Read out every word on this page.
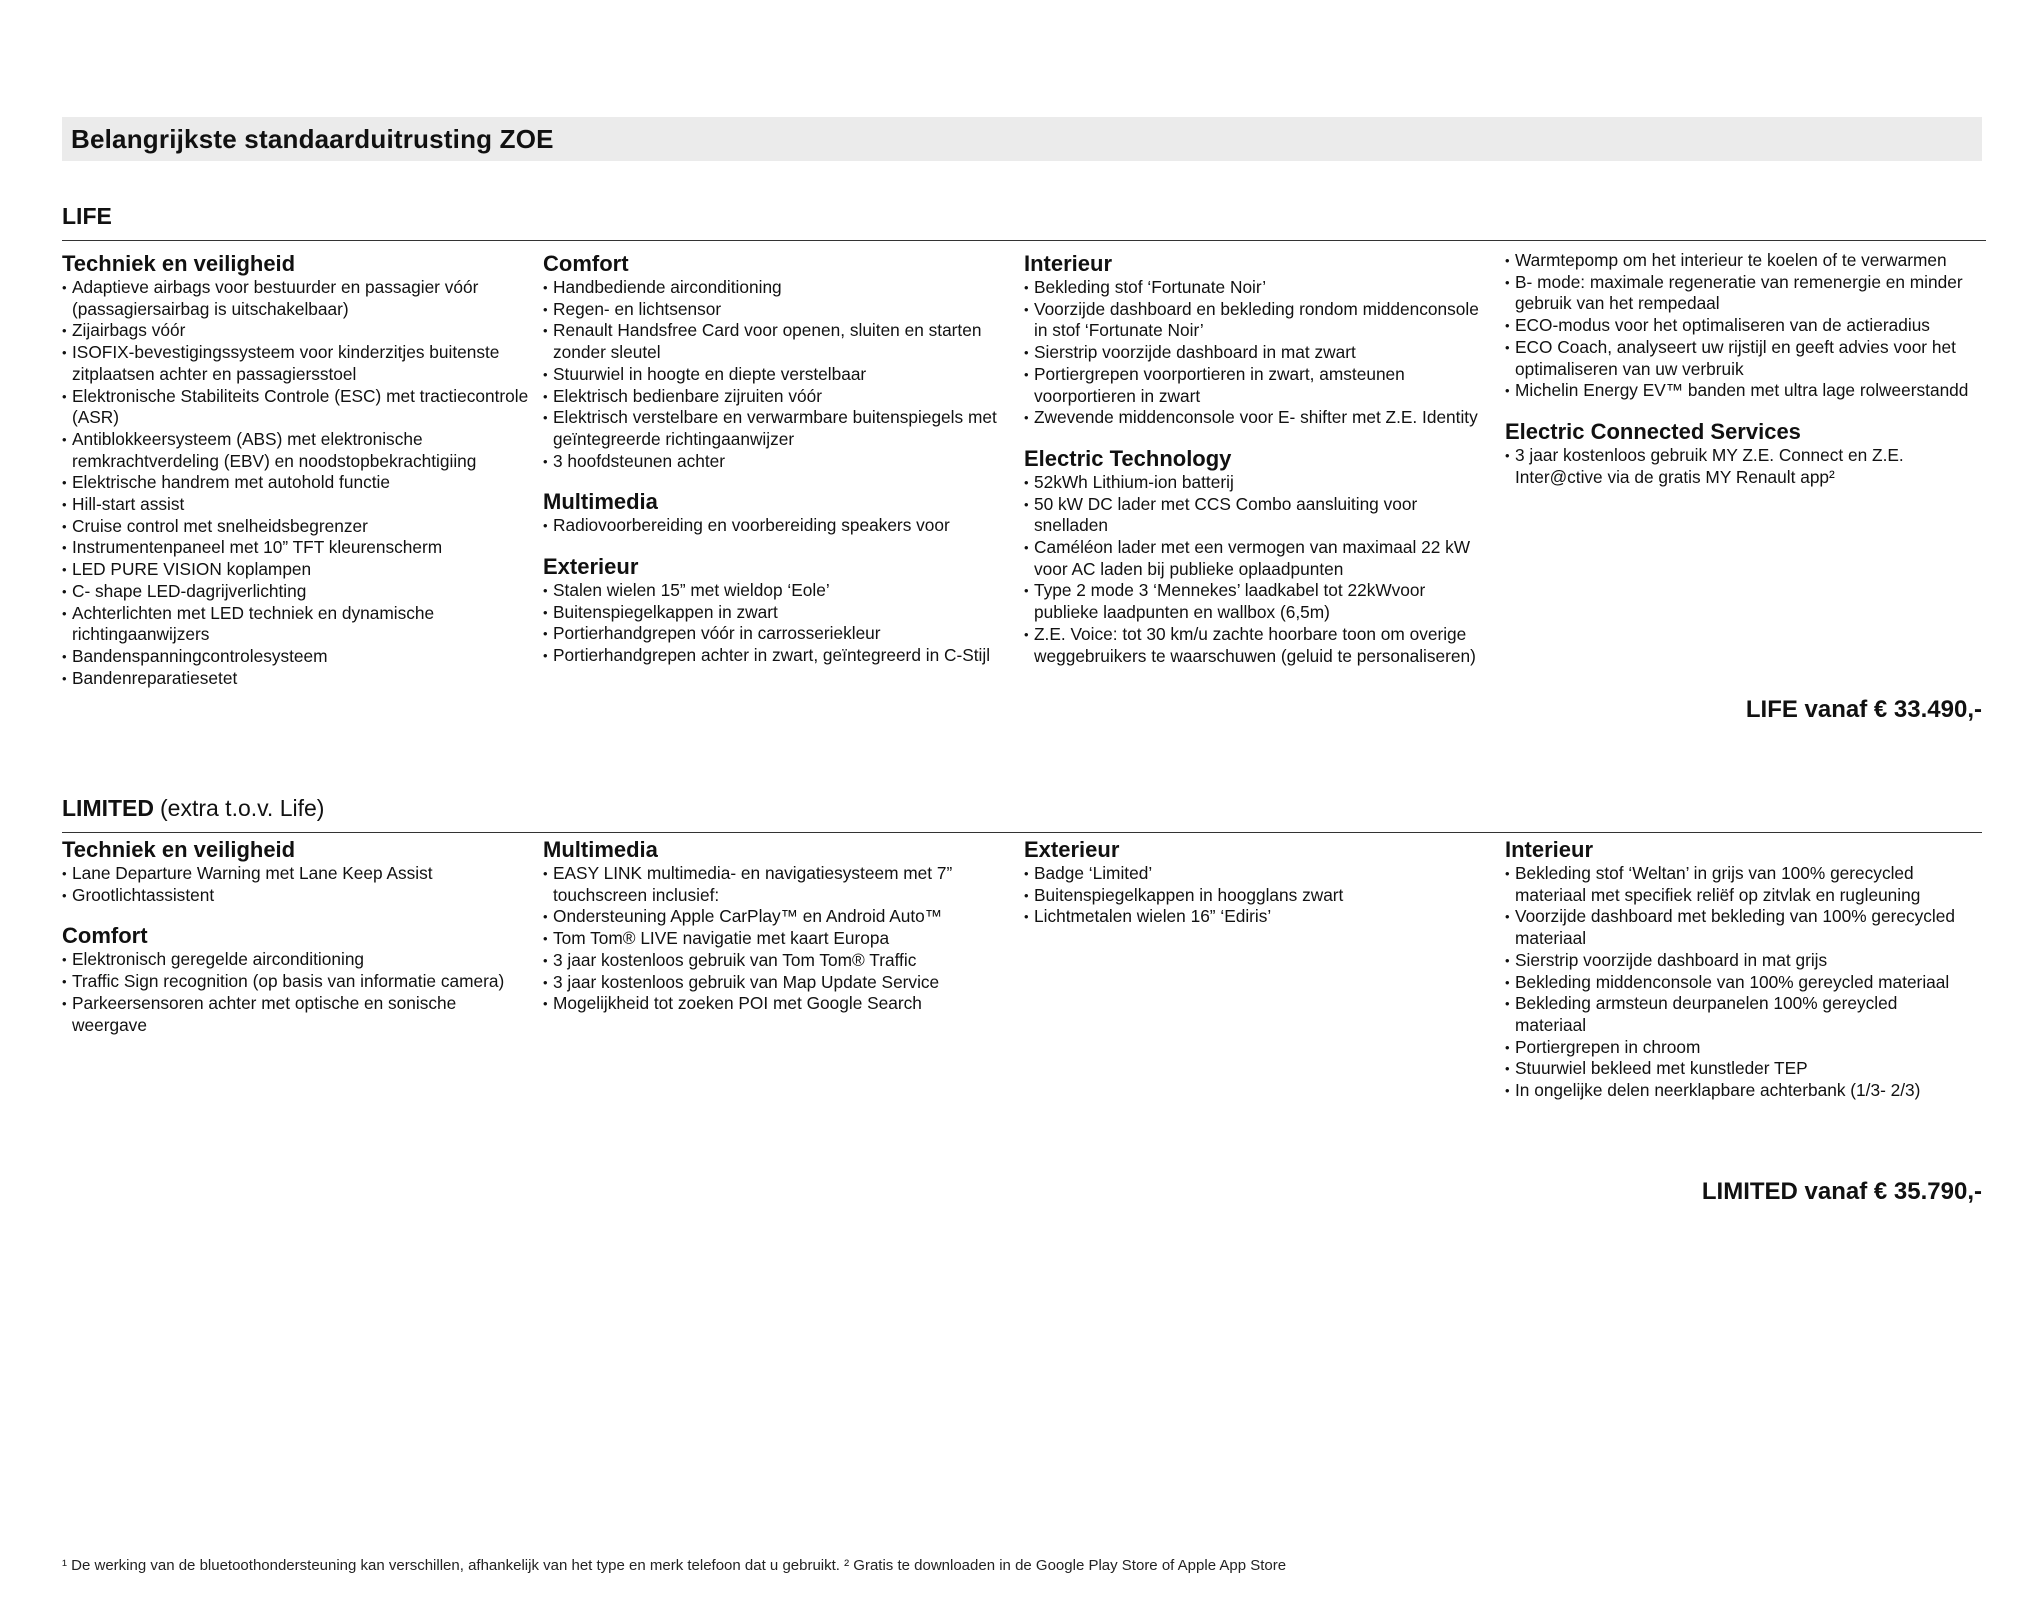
Belangrijkste standaarduitrusting ZOE
LIFE
Techniek en veiligheid
• Adaptieve airbags voor bestuurder en passagier vóór (passagiersairbag is uitschakelbaar)
• Zijairbags vóór
• ISOFIX-bevestigingssysteem voor kinderzitjes buitenste zitplaatsen achter en passagiersstoel
• Elektronische Stabiliteits Controle (ESC) met tractiecontrole (ASR)
• Antiblokkeersysteem (ABS) met elektronische remkrachtverdeling (EBV) en noodstopbekrachtigiing
• Elektrische handrem met autohold functie
• Hill-start assist
• Cruise control met snelheidsbegrenzer
• Instrumentenpaneel met 10” TFT kleurenscherm
• LED PURE VISION koplampen
• C- shape LED-dagrijverlichting
• Achterlichten met LED techniek en dynamische richtingaanwijzers
• Bandenspanningcontrolesysteem
• Bandenreparatiesetet
Comfort
• Handbediende airconditioning
• Regen- en lichtsensor
• Renault Handsfree Card voor openen, sluiten en starten zonder sleutel
• Stuurwiel in hoogte en diepte verstelbaar
• Elektrisch bedienbare zijruiten vóór
• Elektrisch verstelbare en verwarmbare buitenspiegels met geïntegreerde richtingaanwijzer
• 3 hoofdsteunen achter
Multimedia
• Radiovoorbereiding en voorbereiding speakers voor
Exterieur
• Stalen wielen 15” met wieldop ‘Eole’
• Buitenspiegelkappen in zwart
• Portierhandgrepen vóór in carrosseriekleur
• Portierhandgrepen achter in zwart, geïntegreerd in C-Stijl
Interieur
• Bekleding stof ‘Fortunate Noir’
• Voorzijde dashboard en bekleding rondom middenconsole in stof ‘Fortunate Noir’
• Sierstrip voorzijde dashboard in mat zwart
• Portiergrepen voorportieren in zwart, amsteunen voorportieren in zwart
• Zwevende middenconsole voor E- shifter met Z.E. Identity
Electric Technology
• 52kWh Lithium-ion batterij
• 50 kW DC lader met CCS Combo aansluiting voor snelladen
• Caméléon lader met een vermogen van maximaal 22 kW voor AC laden bij publieke oplaadpunten
• Type 2 mode 3 ‘Mennekes’ laadkabel tot 22kWvoor publieke laadpunten en wallbox (6,5m)
• Z.E. Voice: tot 30 km/u zachte hoorbare toon om overige weggebruikers te waarschuwen (geluid te personaliseren)
• Warmtepomp om het interieur te koelen of te verwarmen
• B- mode: maximale regeneratie van remenergie en minder gebruik van het rempedaal
• ECO-modus voor het optimaliseren van de actieradius
• ECO Coach, analyseert uw rijstijl en geeft advies voor het optimaliseren van uw verbruik
• Michelin Energy EV™ banden met ultra lage rolweerstandd
Electric Connected Services
• 3 jaar kostenloos gebruik MY Z.E. Connect en Z.E. Inter@ctive via de gratis MY Renault app²
LIFE vanaf € 33.490,-
LIMITED (extra t.o.v. Life)
Techniek en veiligheid
• Lane Departure Warning met Lane Keep Assist
• Grootlichtassistent
Comfort
• Elektronisch geregelde airconditioning
• Traffic Sign recognition (op basis van informatie camera)
• Parkeersensoren achter met optische en sonische weergave
Multimedia
• EASY LINK multimedia- en navigatiesysteem met 7” touchscreen inclusief:
• Ondersteuning Apple CarPlay™ en Android Auto™
• Tom Tom® LIVE navigatie met kaart Europa
• 3 jaar kostenloos gebruik van Tom Tom® Traffic
• 3 jaar kostenloos gebruik van Map Update Service
• Mogelijkheid tot zoeken POI met Google Search
Exterieur
• Badge ‘Limited’
• Buitenspiegelkappen in hoogglans zwart
• Lichtmetalen wielen 16” ‘Ediris’
Interieur
• Bekleding stof ‘Weltan’ in grijs van 100% gerecycled materiaal met specifiek reliëf op zitvlak en rugleuning
• Voorzijde dashboard met bekleding van 100% gerecycled materiaal
• Sierstrip voorzijde dashboard in mat grijs
• Bekleding middenconsole van 100% gereycled materiaal
• Bekleding armsteun deurpanelen 100% gereycled materiaal
• Portiergrepen in chroom
• Stuurwiel bekleed met kunstleder TEP
• In ongelijke delen neerklapbare achterbank (1/3- 2/3)
LIMITED vanaf € 35.790,-
¹ De werking van de bluetoothondersteuning kan verschillen, afhankelijk van het type en merk telefoon dat u gebruikt. ² Gratis te downloaden in de Google Play Store of Apple App Store
